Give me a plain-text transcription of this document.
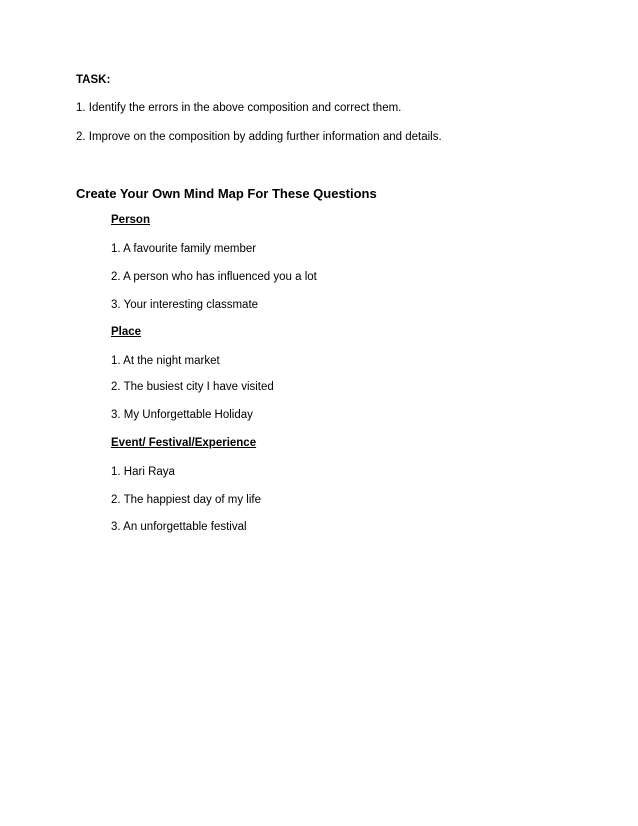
TASK:
1. Identify the errors in the above composition and correct them.
2. Improve on the composition by adding further information and details.
Create Your Own Mind Map For These Questions
Person
1. A favourite family member
2. A person who has influenced you a lot
3. Your interesting classmate
Place
1. At the night market
2. The busiest city I have visited
3. My Unforgettable Holiday
Event/ Festival/Experience
1. Hari Raya
2. The happiest day of my life
3. An unforgettable festival
